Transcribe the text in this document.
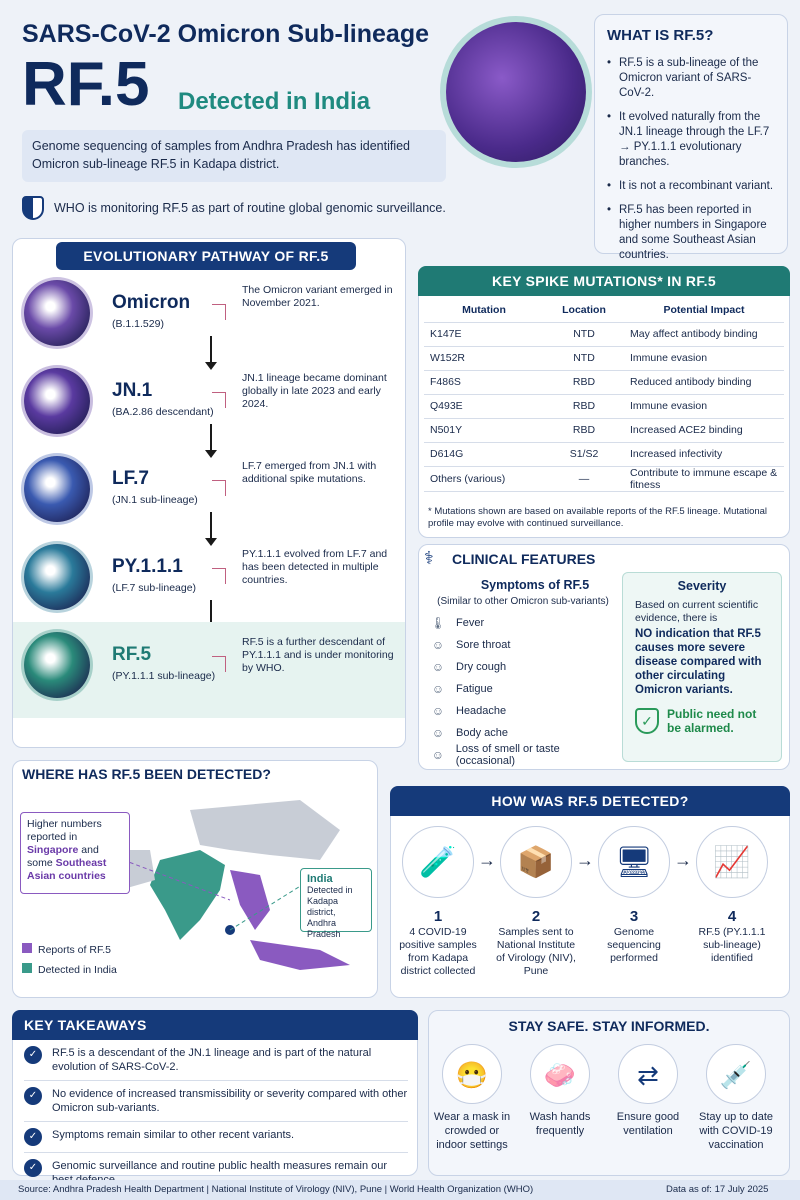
SARS-CoV-2 Omicron Sub-lineage
RF.5 Detected in India
Genome sequencing of samples from Andhra Pradesh has identified Omicron sub-lineage RF.5 in Kadapa district.
WHO is monitoring RF.5 as part of routine global genomic surveillance.
WHAT IS RF.5?
• RF.5 is a sub-lineage of the Omicron variant of SARS-CoV-2.
• It evolved naturally from the JN.1 lineage through the LF.7 → PY.1.1.1 evolutionary branches.
• It is not a recombinant variant.
• RF.5 has been reported in higher numbers in Singapore and some Southeast Asian countries.
EVOLUTIONARY PATHWAY OF RF.5
Omicron
(B.1.1.529)
The Omicron variant emerged in November 2021.
JN.1
(BA.2.86 descendant)
JN.1 lineage became dominant globally in late 2023 and early 2024.
LF.7
(JN.1 sub-lineage)
LF.7 emerged from JN.1 with additional spike mutations.
PY.1.1.1
(LF.7 sub-lineage)
PY.1.1.1 evolved from LF.7 and has been detected in multiple countries.
RF.5
(PY.1.1.1 sub-lineage)
RF.5 is a further descendant of PY.1.1.1 and is under monitoring by WHO.
KEY SPIKE MUTATIONS* IN RF.5
Mutation	Location	Potential Impact
K147E	NTD	May affect antibody binding
W152R	NTD	Immune evasion
F486S	RBD	Reduced antibody binding
Q493E	RBD	Immune evasion
N501Y	RBD	Increased ACE2 binding
D614G	S1/S2	Increased infectivity
Others (various)	—	Contribute to immune escape & fitness
* Mutations shown are based on available reports of the RF.5 lineage. Mutational profile may evolve with continued surveillance.
⚕ CLINICAL FEATURES
Symptoms of RF.5
(Similar to other Omicron sub-variants)
🌡 Fever
☺ Sore throat
☺ Dry cough
☺ Fatigue
☺ Headache
☺ Body ache
☺ Loss of smell or taste (occasional)
Severity
Based on current scientific evidence, there is
NO indication that RF.5 causes more severe disease compared with other circulating Omicron variants.
✓	Public need not be alarmed.
WHERE HAS RF.5 BEEN DETECTED?
Higher numbers reported in Singapore and some Southeast Asian countries	India
Detected in Kadapa district, Andhra Pradesh
Reports of RF.5
Detected in India
HOW WAS RF.5 DETECTED?
🧪
1
4 COVID-19 positive samples from Kadapa district collected
→ 📦
2
Samples sent to National Institute of Virology (NIV), Pune
→ 🖥
3
Genome sequencing performed
→ 📈
4
RF.5 (PY.1.1.1 sub-lineage) identified
KEY TAKEAWAYS
✓	RF.5 is a descendant of the JN.1 lineage and is part of the natural evolution of SARS-CoV-2.
✓	No evidence of increased transmissibility or severity compared with other Omicron sub-variants.
✓	Symptoms remain similar to other recent variants.
✓	Genomic surveillance and routine public health measures remain our
STAY SAFE. STAY INFORMED.
😷
Wear a mask in crowded or indoor settings
🧼
Wash hands frequently
⇄
Ensure good ventilation
💉
Stay up to date with COVID-19 vaccination
Source: Andhra Pradesh Health Department | National Institute of Virology (NIV), Pune | World Health Organization (WHO)	Data as of: 17 July 2025
